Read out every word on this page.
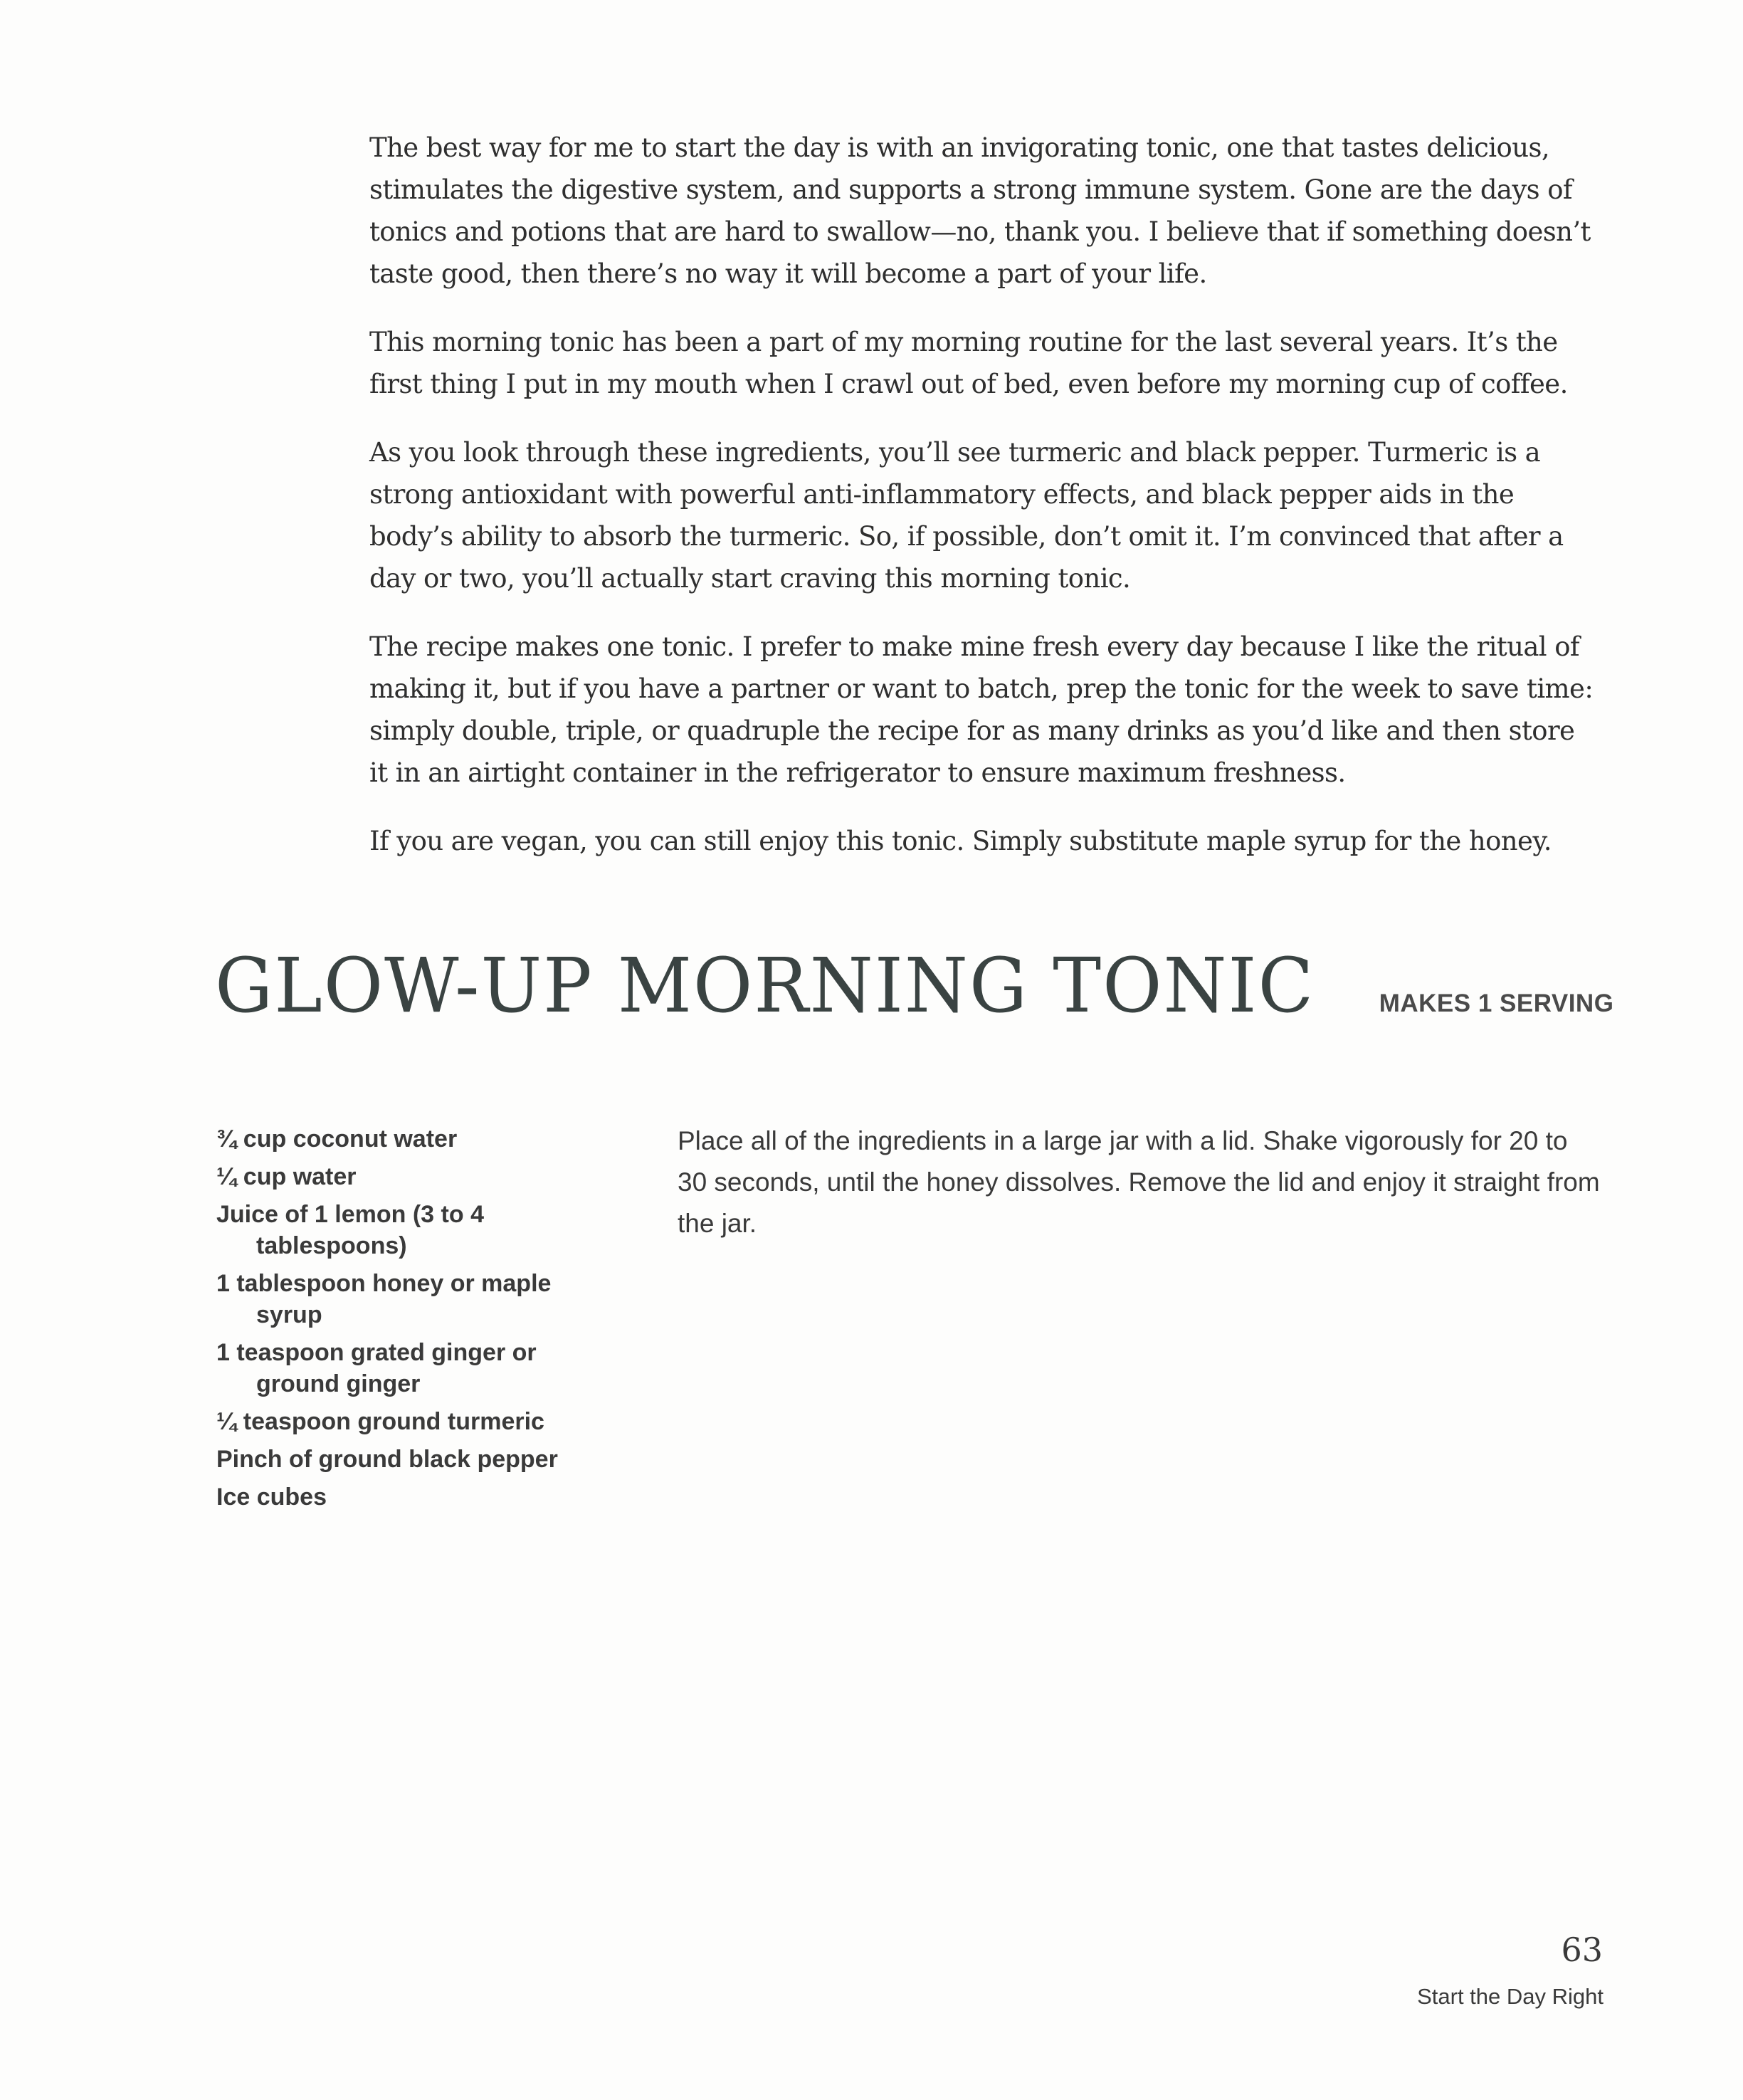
The best way for me to start the day is with an invigorating tonic, one that tastes delicious, stimulates the digestive system, and supports a strong immune system. Gone are the days of tonics and potions that are hard to swallow—no, thank you. I believe that if something doesn’t taste good, then there’s no way it will become a part of your life.

This morning tonic has been a part of my morning routine for the last several years. It’s the first thing I put in my mouth when I crawl out of bed, even before my morning cup of coffee.

As you look through these ingredients, you’ll see turmeric and black pepper. Turmeric is a strong antioxidant with powerful anti-inflammatory effects, and black pepper aids in the body’s ability to absorb the turmeric. So, if possible, don’t omit it. I’m convinced that after a day or two, you’ll actually start craving this morning tonic.

The recipe makes one tonic. I prefer to make mine fresh every day because I like the ritual of making it, but if you have a partner or want to batch, prep the tonic for the week to save time: simply double, triple, or quadruple the recipe for as many drinks as you’d like and then store it in an airtight container in the refrigerator to ensure maximum freshness.

If you are vegan, you can still enjoy this tonic. Simply substitute maple syrup for the honey.

GLOW-UP MORNING TONIC	MAKES 1 SERVING
¾ cup coconut water
¼ cup water
Juice of 1 lemon (3 to 4 tablespoons)
1 tablespoon honey or maple syrup
1 teaspoon grated ginger or ground ginger
¼ teaspoon ground turmeric
Pinch of ground black pepper
Ice cubes

Place all of the ingredients in a large jar with a lid. Shake vigorously for 20 to 30 seconds, until the honey dissolves. Remove the lid and enjoy it straight from the jar.

63
Start the Day Right
